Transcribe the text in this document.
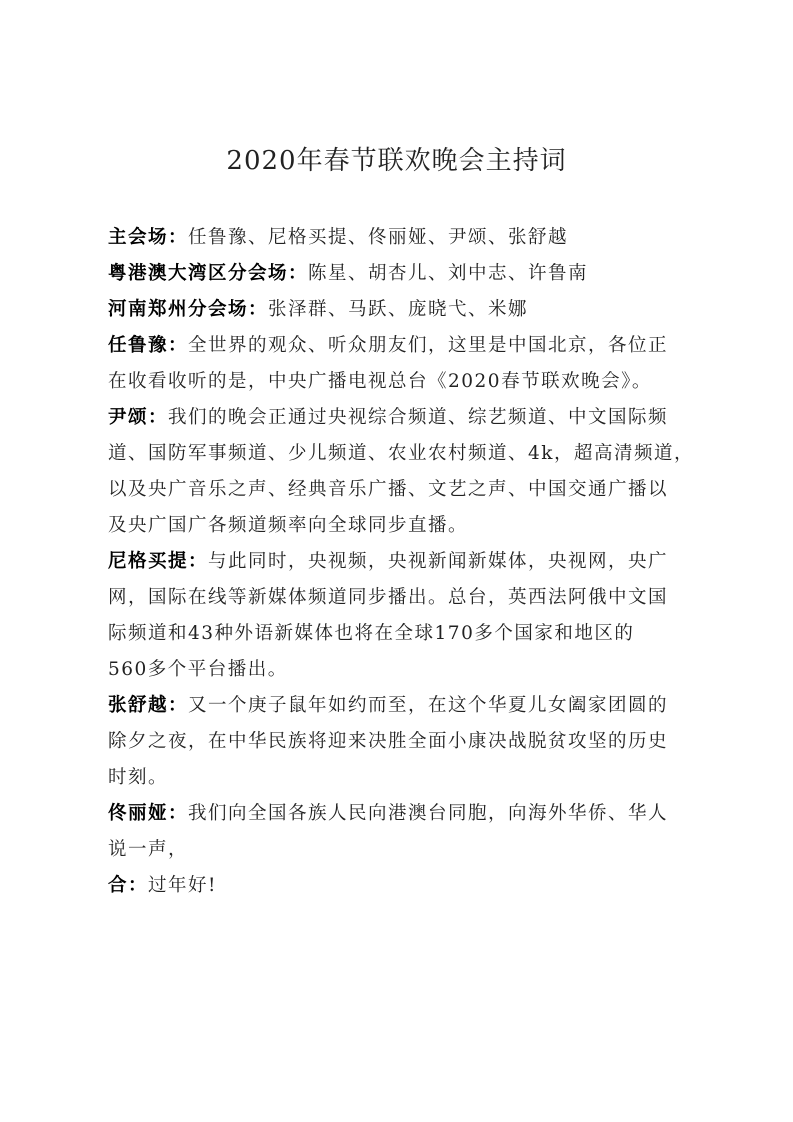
2020年春节联欢晚会主持词
主会场：任鲁豫、尼格买提、佟丽娅、尹颂、张舒越
粤港澳大湾区分会场：陈星、胡杏儿、刘中志、许鲁南
河南郑州分会场：张泽群、马跃、庞晓弋、米娜
任鲁豫：全世界的观众、听众朋友们，这里是中国北京，各位正
在收看收听的是，中央广播电视总台《2020春节联欢晚会》。
尹颂：我们的晚会正通过央视综合频道、综艺频道、中文国际频
道、国防军事频道、少儿频道、农业农村频道、4k，超高清频道，
以及央广音乐之声、经典音乐广播、文艺之声、中国交通广播以
及央广国广各频道频率向全球同步直播。
尼格买提：与此同时，央视频，央视新闻新媒体，央视网，央广
网，国际在线等新媒体频道同步播出。总台，英西法阿俄中文国
际频道和43种外语新媒体也将在全球170多个国家和地区的
560多个平台播出。
张舒越：又一个庚子鼠年如约而至，在这个华夏儿女阖家团圆的
除夕之夜，在中华民族将迎来决胜全面小康决战脱贫攻坚的历史
时刻。
佟丽娅：我们向全国各族人民向港澳台同胞，向海外华侨、华人
说一声，
合：过年好!
